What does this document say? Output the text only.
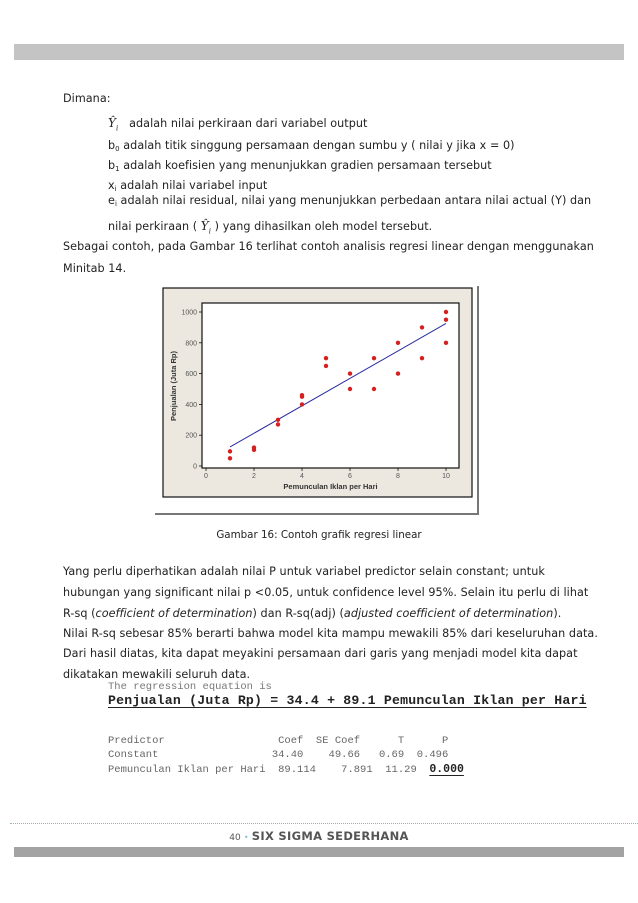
Dimana:
$Ŷ_i$ adalah nilai perkiraan dari variabel output
$b_0$ adalah titik singgung persamaan dengan sumbu y ( nilai y jika x = 0)
$b_1$ adalah koefisien yang menunjukkan gradien persamaan tersebut
$x_i$ adalah nilai variabel input
$e_i$ adalah nilai residual, nilai yang menunjukkan perbedaan antara nilai actual (Y) dan
nilai perkiraan ( $Ŷ_i$ ) yang dihasilkan oleh model tersebut.
Sebagai contoh, pada Gambar 16 terlihat contoh analisis regresi linear dengan menggunakan
Minitab 14.
0	2	4	6	8	10
0
200
400
600
800
1000
Pemunculan Iklan per Hari
Penjualan (Juta Rp)
Gambar 16: Contoh grafik regresi linear
Yang perlu diperhatikan adalah nilai P untuk variabel predictor selain constant; untuk
hubungan yang significant nilai p <0.05, untuk confidence level 95%. Selain itu perlu di lihat
R-sq (coefficient of determination) dan R-sq(adj) (adjusted coefficient of determination).
Nilai R-sq sebesar 85% berarti bahwa model kita mampu mewakili 85% dari keseluruhan data.
Dari hasil diatas, kita dapat meyakini persamaan dari garis yang menjadi model kita dapat
dikatakan mewakili seluruh data.
The regression equation is
Penjualan (Juta Rp) = 34.4 + 89.1 Pemunculan Iklan per Hari
Predictor                  Coef  SE Coef      T      P
Constant                  34.40    49.66   0.69  0.496
Pemunculan Iklan per Hari  89.114    7.891  11.29  0.000
40 • SIX SIGMA SEDERHANA
